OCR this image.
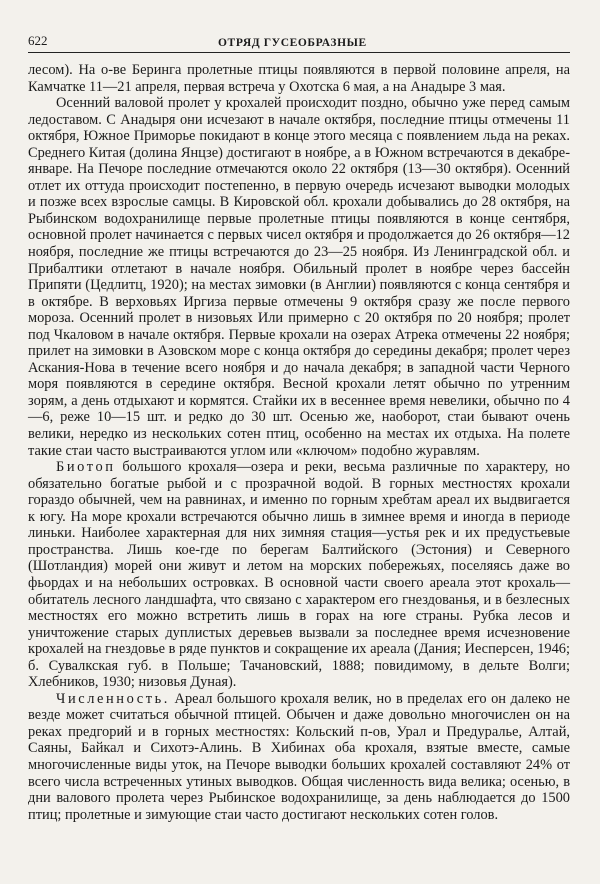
622	ОТРЯД ГУСЕОБРАЗНЫЕ

лесом). На о-ве Беринга пролетные птицы появляются в первой половине апреля, на Камчатке 11—21 апреля, первая встреча у Охотска 6 мая, а на Анадыре 3 мая.

Осенний валовой пролет у крохалей происходит поздно, обычно уже перед самым ледоставом. С Анадыря они исчезают в начале октября, последние птицы отмечены 11 октября, Южное Приморье покидают в конце этого месяца с появлением льда на реках. Среднего Китая (долина Янцзе) достигают в ноябре, а в Южном встречаются в декабре-январе. На Печоре последние отмечаются около 22 октября (13—30 октября). Осенний отлет их оттуда происходит постепенно, в первую очередь исчезают выводки молодых и позже всех взрослые самцы. В Кировской обл. крохали добывались до 28 октября, на Рыбинском водохранилище первые пролетные птицы появляются в конце сентября, основной пролет начинается с первых чисел октября и продолжается до 26 октября—12 ноября, последние же птицы встречаются до 23—25 ноября. Из Ленинградской обл. и Прибалтики отлетают в начале ноября. Обильный пролет в ноябре через бассейн Припяти (Цедлитц, 1920); на местах зимовки (в Англии) появляются с конца сентября и в октябре. В верховьях Иргиза первые отмечены 9 октября сразу же после первого мороза. Осенний пролет в низовьях Или примерно с 20 октября по 20 ноября; пролет под Чкаловом в начале октября. Первые крохали на озерах Атрека отмечены 22 ноября; прилет на зимовки в Азовском море с конца октября до середины декабря; пролет через Аскания-Нова в течение всего ноября и до начала декабря; в западной части Черного моря появляются в середине октября. Весной крохали летят обычно по утренним зорям, а день отдыхают и кормятся. Стайки их в весеннее время невелики, обычно по 4—6, реже 10—15 шт. и редко до 30 шт. Осенью же, наоборот, стаи бывают очень велики, нередко из нескольких сотен птиц, особенно на местах их отдыха. На полете такие стаи часто выстраиваются углом или «ключом» подобно журавлям.

Биотоп большого крохаля—озера и реки, весьма различные по характеру, но обязательно богатые рыбой и с прозрачной водой. В горных местностях крохали гораздо обычней, чем на равнинах, и именно по горным хребтам ареал их выдвигается к югу. На море крохали встречаются обычно лишь в зимнее время и иногда в периоде линьки. Наиболее характерная для них зимняя стация—устья рек и их предустьевые пространства. Лишь кое-где по берегам Балтийского (Эстония) и Северного (Шотландия) морей они живут и летом на морских побережьях, поселяясь даже во фьордах и на небольших островках. В основной части своего ареала этот крохаль—обитатель лесного ландшафта, что связано с характером его гнездованья, и в безлесных местностях его можно встретить лишь в горах на юге страны. Рубка лесов и уничтожение старых дуплистых деревьев вызвали за последнее время исчезновение крохалей на гнездовье в ряде пунктов и сокращение их ареала (Дания; Иесперсен, 1946; б. Сувалкская губ. в Польше; Тачановский, 1888; повидимому, в дельте Волги; Хлебников, 1930; низовья Дуная).

Численность. Ареал большого крохаля велик, но в пределах его он далеко не везде может считаться обычной птицей. Обычен и даже довольно многочислен он на реках предгорий и в горных местностях: Кольский п-ов, Урал и Предуралье, Алтай, Саяны, Байкал и Сихотэ-Алинь. В Хибинах оба крохаля, взятые вместе, самые многочисленные виды уток, на Печоре выводки больших крохалей составляют 24% от всего числа встреченных утиных выводков. Общая численность вида велика; осенью, в дни валового пролета через Рыбинское водохранилище, за день наблюдается до 1500 птиц; пролетные и зимующие стаи часто достигают нескольких сотен голов.
